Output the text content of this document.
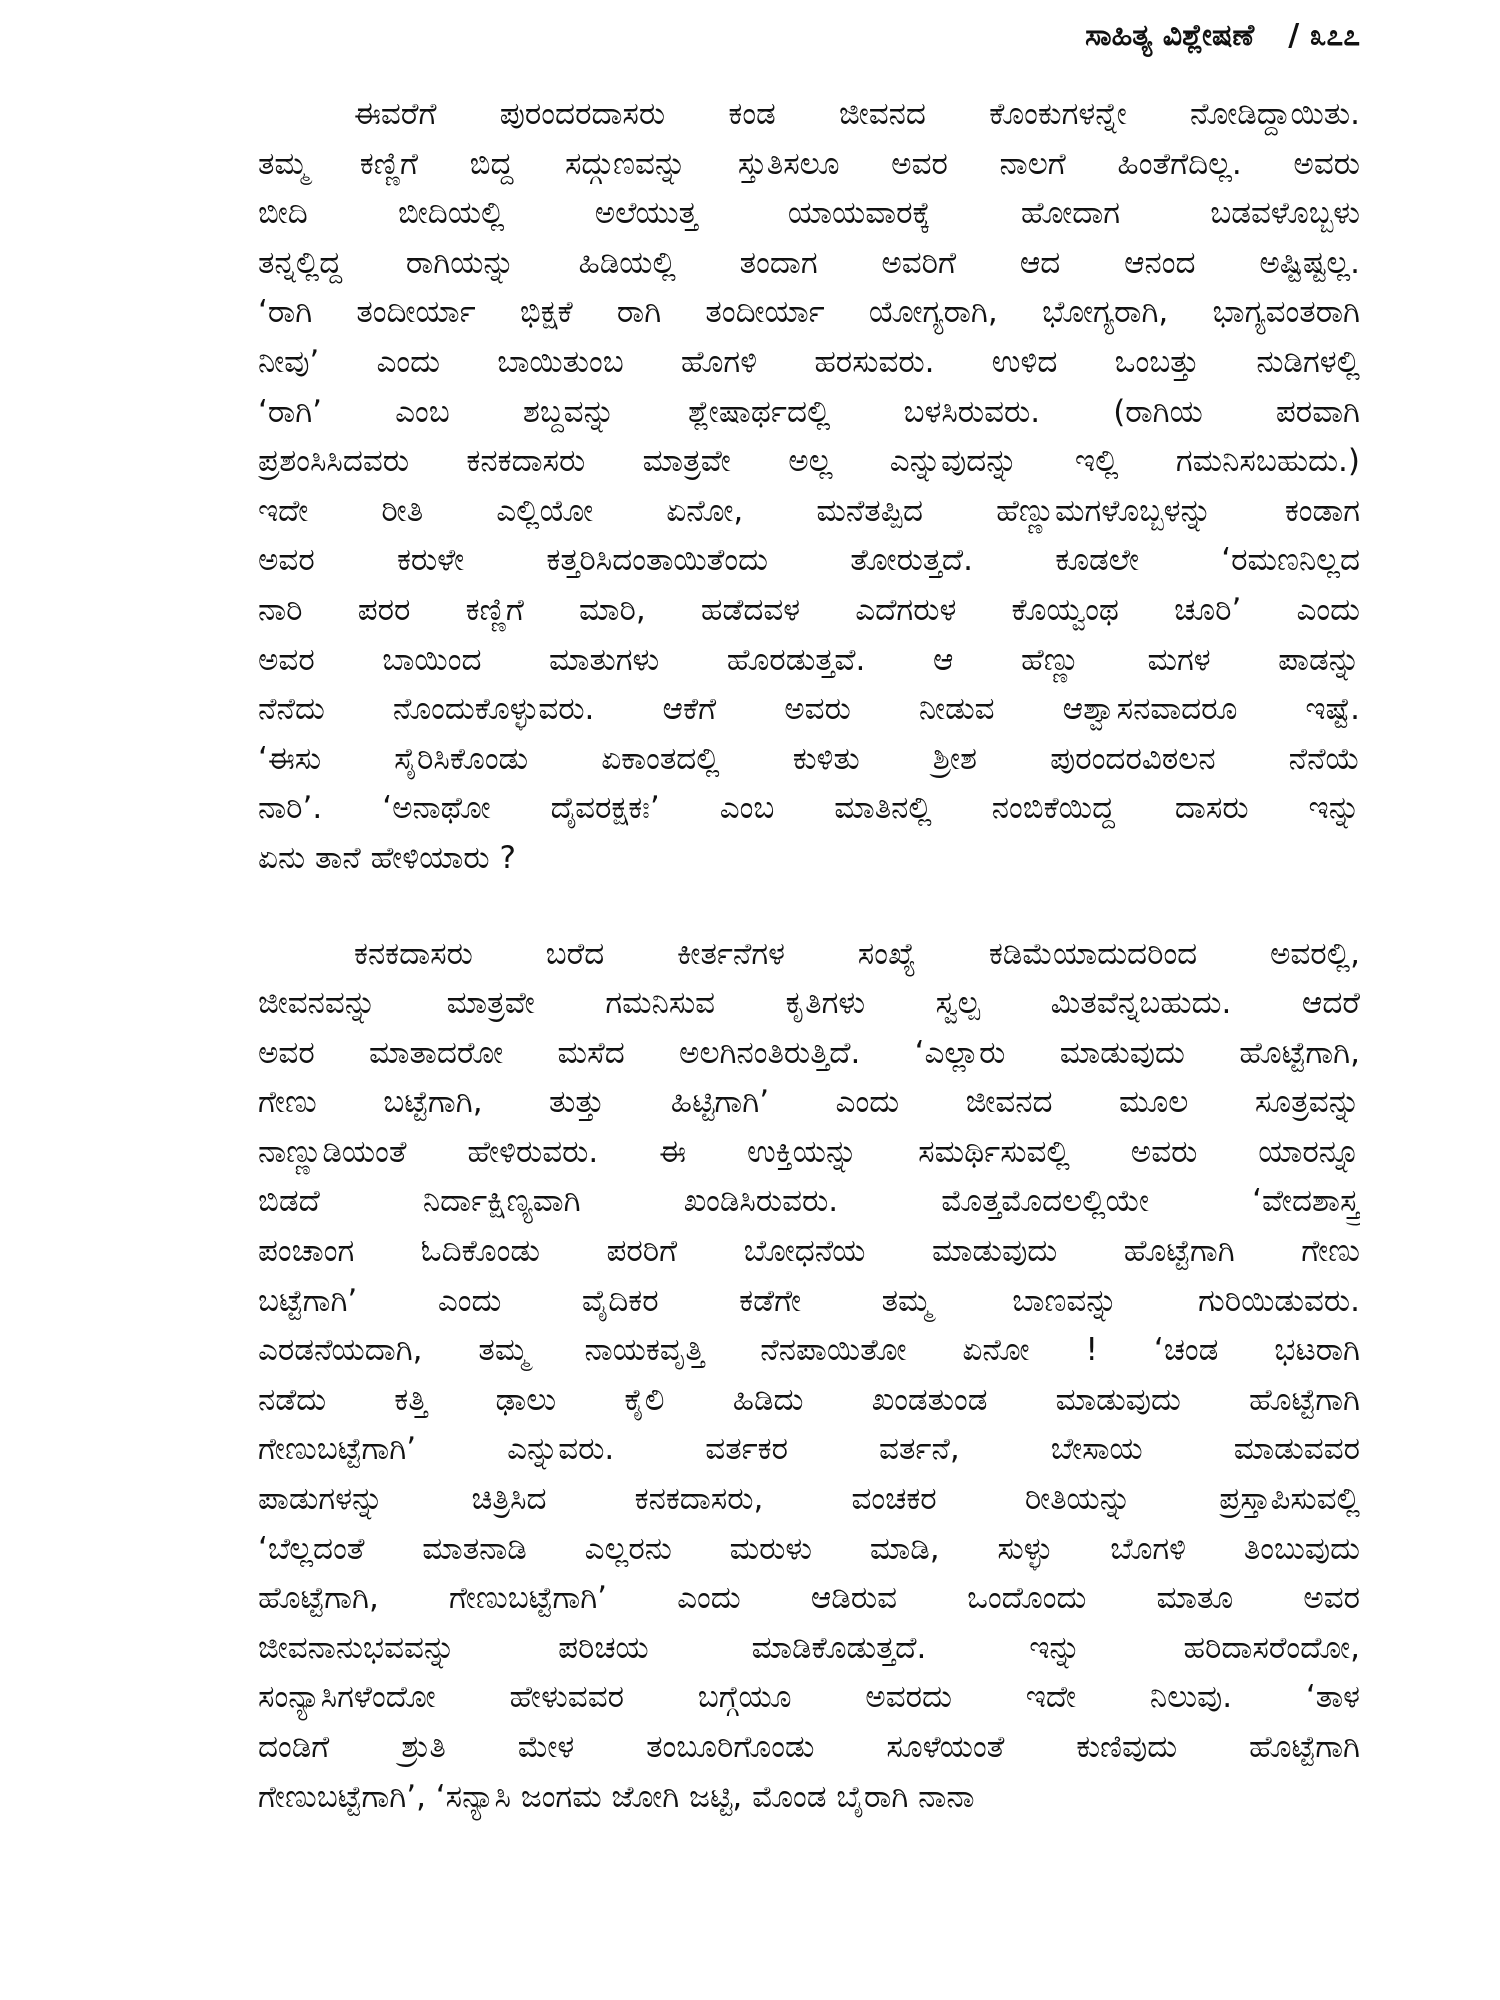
ಸಾಹಿತ್ಯ ವಿಶ್ಲೇಷಣೆ / ೩೭೭
ಈವರೆಗೆ ಪುರಂದರದಾಸರು ಕಂಡ ಜೀವನದ ಕೊಂಕುಗಳನ್ನೇ ನೋಡಿದ್ದಾಯಿತು.
ತಮ್ಮ ಕಣ್ಣಿಗೆ ಬಿದ್ದ ಸದ್ಗುಣವನ್ನು ಸ್ತುತಿಸಲೂ ಅವರ ನಾಲಗೆ ಹಿಂತೆಗೆದಿಲ್ಲ. ಅವರು
ಬೀದಿ ಬೀದಿಯಲ್ಲಿ ಅಲೆಯುತ್ತ ಯಾಯವಾರಕ್ಕೆ ಹೋದಾಗ ಬಡವಳೊಬ್ಬಳು
ತನ್ನಲ್ಲಿದ್ದ ರಾಗಿಯನ್ನು ಹಿಡಿಯಲ್ಲಿ ತಂದಾಗ ಅವರಿಗೆ ಆದ ಆನಂದ ಅಷ್ಟಿಷ್ಟಲ್ಲ.
‘ರಾಗಿ ತಂದೀರ್ಯಾ ಭಿಕ್ಷಕೆ ರಾಗಿ ತಂದೀರ್ಯಾ ಯೋಗ್ಯರಾಗಿ, ಭೋಗ್ಯರಾಗಿ, ಭಾಗ್ಯವಂತರಾಗಿ
ನೀವು’ ಎಂದು ಬಾಯಿತುಂಬ ಹೊಗಳಿ ಹರಸುವರು. ಉಳಿದ ಒಂಬತ್ತು ನುಡಿಗಳಲ್ಲಿ
‘ರಾಗಿ’ ಎಂಬ ಶಬ್ದವನ್ನು ಶ್ಲೇಷಾರ್ಥದಲ್ಲಿ ಬಳಸಿರುವರು. (ರಾಗಿಯ ಪರವಾಗಿ
ಪ್ರಶಂಸಿಸಿದವರು ಕನಕದಾಸರು ಮಾತ್ರವೇ ಅಲ್ಲ ಎನ್ನುವುದನ್ನು ಇಲ್ಲಿ ಗಮನಿಸಬಹುದು.)
ಇದೇ ರೀತಿ ಎಲ್ಲಿಯೋ ಏನೋ, ಮನೆತಪ್ಪಿದ ಹೆಣ್ಣುಮಗಳೊಬ್ಬಳನ್ನು ಕಂಡಾಗ
ಅವರ ಕರುಳೇ ಕತ್ತರಿಸಿದಂತಾಯಿತೆಂದು ತೋರುತ್ತದೆ. ಕೂಡಲೇ ‘ರಮಣನಿಲ್ಲದ
ನಾರಿ ಪರರ ಕಣ್ಣಿಗೆ ಮಾರಿ, ಹಡೆದವಳ ಎದೆಗರುಳ ಕೊಯ್ವಂಥ ಚೂರಿ’ ಎಂದು
ಅವರ ಬಾಯಿಂದ ಮಾತುಗಳು ಹೊರಡುತ್ತವೆ. ಆ ಹೆಣ್ಣು ಮಗಳ ಪಾಡನ್ನು
ನೆನೆದು ನೊಂದುಕೊಳ್ಳುವರು. ಆಕೆಗೆ ಅವರು ನೀಡುವ ಆಶ್ವಾಸನವಾದರೂ ಇಷ್ಟೆ.
‘ಈಸು ಸೈರಿಸಿಕೊಂಡು ಏಕಾಂತದಲ್ಲಿ ಕುಳಿತು ಶ್ರೀಶ ಪುರಂದರವಿಠಲನ ನೆನೆಯೆ
ನಾರಿ’. ‘ಅನಾಥೋ ದೈವರಕ್ಷಕಃ’ ಎಂಬ ಮಾತಿನಲ್ಲಿ ನಂಬಿಕೆಯಿದ್ದ ದಾಸರು ಇನ್ನು
ಏನು ತಾನೆ ಹೇಳಿಯಾರು ?
ಕನಕದಾಸರು ಬರೆದ ಕೀರ್ತನೆಗಳ ಸಂಖ್ಯೆ ಕಡಿಮೆಯಾದುದರಿಂದ ಅವರಲ್ಲಿ,
ಜೀವನವನ್ನು ಮಾತ್ರವೇ ಗಮನಿಸುವ ಕೃತಿಗಳು ಸ್ವಲ್ಪ ಮಿತವೆನ್ನಬಹುದು. ಆದರೆ
ಅವರ ಮಾತಾದರೋ ಮಸೆದ ಅಲಗಿನಂತಿರುತ್ತಿದೆ. ‘ಎಲ್ಲಾರು ಮಾಡುವುದು ಹೊಟ್ಟೆಗಾಗಿ,
ಗೇಣು ಬಟ್ಟೆಗಾಗಿ, ತುತ್ತು ಹಿಟ್ಟಿಗಾಗಿ’ ಎಂದು ಜೀವನದ ಮೂಲ ಸೂತ್ರವನ್ನು
ನಾಣ್ಣುಡಿಯಂತೆ ಹೇಳಿರುವರು. ಈ ಉಕ್ತಿಯನ್ನು ಸಮರ್ಥಿಸುವಲ್ಲಿ ಅವರು ಯಾರನ್ನೂ
ಬಿಡದೆ ನಿರ್ದಾಕ್ಷಿಣ್ಯವಾಗಿ ಖಂಡಿಸಿರುವರು. ಮೊತ್ತಮೊದಲಲ್ಲಿಯೇ ‘ವೇದಶಾಸ್ತ್ರ
ಪಂಚಾಂಗ ಓದಿಕೊಂಡು ಪರರಿಗೆ ಬೋಧನೆಯ ಮಾಡುವುದು ಹೊಟ್ಟೆಗಾಗಿ ಗೇಣು
ಬಟ್ಟೆಗಾಗಿ’ ಎಂದು ವೈದಿಕರ ಕಡೆಗೇ ತಮ್ಮ ಬಾಣವನ್ನು ಗುರಿಯಿಡುವರು.
ಎರಡನೆಯದಾಗಿ, ತಮ್ಮ ನಾಯಕವೃತ್ತಿ ನೆನಪಾಯಿತೋ ಏನೋ ! ‘ಚಂಡ ಭಟರಾಗಿ
ನಡೆದು ಕತ್ತಿ ಢಾಲು ಕೈಲಿ ಹಿಡಿದು ಖಂಡತುಂಡ ಮಾಡುವುದು ಹೊಟ್ಟೆಗಾಗಿ
ಗೇಣುಬಟ್ಟೆಗಾಗಿ’ ಎನ್ನುವರು. ವರ್ತಕರ ವರ್ತನೆ, ಬೇಸಾಯ ಮಾಡುವವರ
ಪಾಡುಗಳನ್ನು ಚಿತ್ರಿಸಿದ ಕನಕದಾಸರು, ವಂಚಕರ ರೀತಿಯನ್ನು ಪ್ರಸ್ತಾಪಿಸುವಲ್ಲಿ
‘ಬೆಲ್ಲದಂತೆ ಮಾತನಾಡಿ ಎಲ್ಲರನು ಮರುಳು ಮಾಡಿ, ಸುಳ್ಳು ಬೊಗಳಿ ತಿಂಬುವುದು
ಹೊಟ್ಟೆಗಾಗಿ, ಗೇಣುಬಟ್ಟೆಗಾಗಿ’ ಎಂದು ಆಡಿರುವ ಒಂದೊಂದು ಮಾತೂ ಅವರ
ಜೀವನಾನುಭವವನ್ನು ಪರಿಚಯ ಮಾಡಿಕೊಡುತ್ತದೆ. ಇನ್ನು ಹರಿದಾಸರೆಂದೋ,
ಸಂನ್ಯಾಸಿಗಳೆಂದೋ ಹೇಳುವವರ ಬಗ್ಗೆಯೂ ಅವರದು ಇದೇ ನಿಲುವು. ‘ತಾಳ
ದಂಡಿಗೆ ಶ್ರುತಿ ಮೇಳ ತಂಬೂರಿಗೊಂಡು ಸೂಳೆಯಂತೆ ಕುಣಿವುದು ಹೊಟ್ಟೆಗಾಗಿ
ಗೇಣುಬಟ್ಟೆಗಾಗಿ’, ‘ಸನ್ಯಾಸಿ ಜಂಗಮ ಜೋಗಿ ಜಟ್ಟಿ, ಮೊಂಡ ಬೈರಾಗಿ ನಾನಾ
